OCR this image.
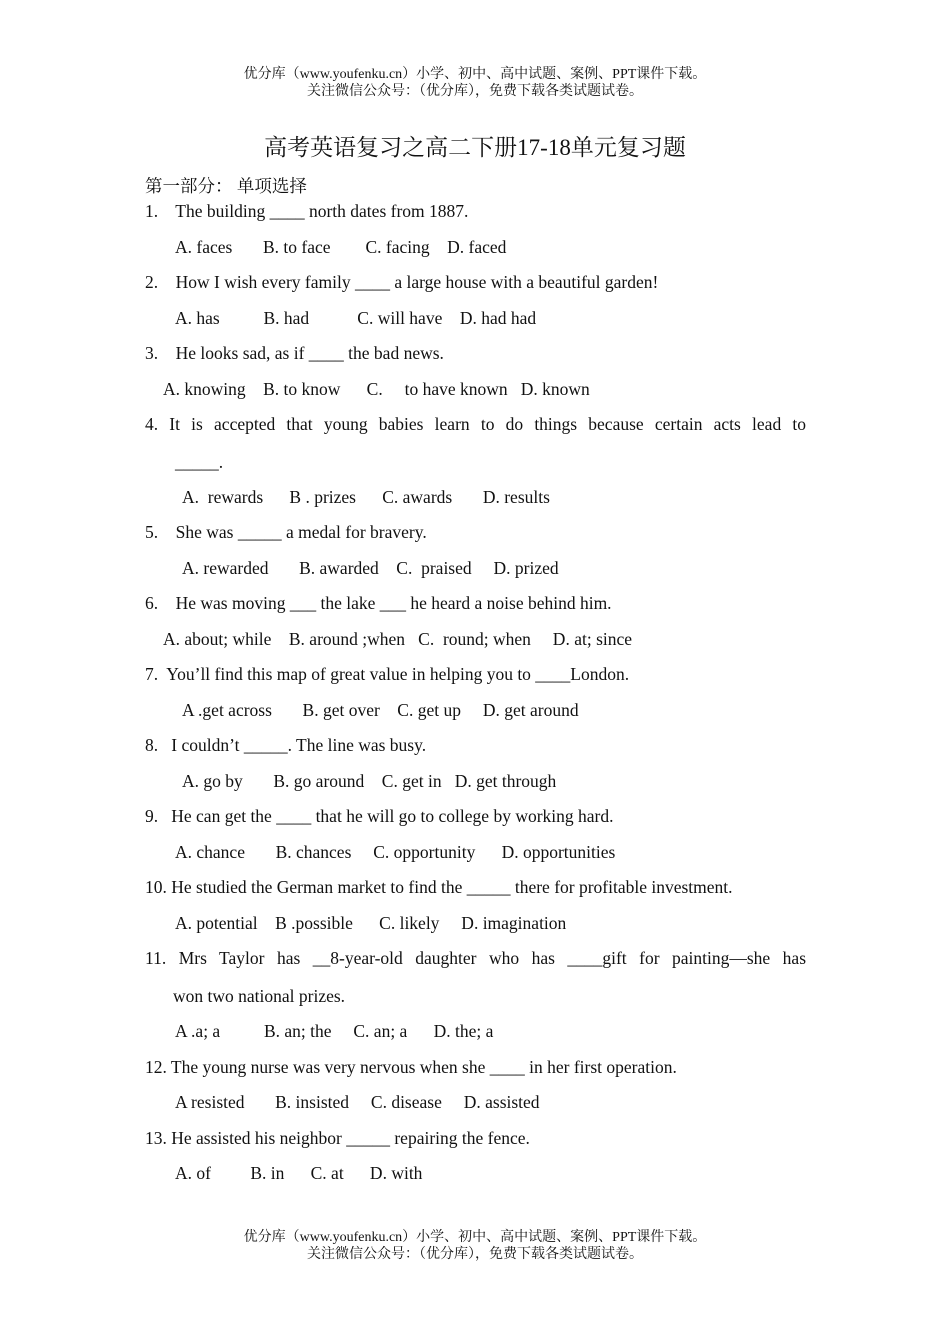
优分库（www.youfenku.cn）小学、初中、高中试题、案例、PPT课件下载。
关注微信公众号：（优分库），免费下载各类试题试卷。
高考英语复习之高二下册17-18单元复习题
第一部分： 单项选择
1.    The building ____ north dates from 1887.
A. faces       B. to face        C. facing    D. faced
2.    How I wish every family ____ a large house with a beautiful garden!
A. has          B. had           C. will have    D. had had
3.    He looks sad, as if ____ the bad news.
A. knowing    B. to know      C.     to have known   D. known
4. It is accepted that young babies learn to do things because certain acts lead to
_____.
A.  rewards      B . prizes      C. awards       D. results
5.    She was _____ a medal for bravery.
A. rewarded       B. awarded    C.  praised     D. prized
6.    He was moving ___ the lake ___ he heard a noise behind him.
A. about; while    B. around ;when   C.  round; when     D. at; since
7.  You’ll find this map of great value in helping you to ____London.
A .get across       B. get over    C. get up     D. get around
8.   I couldn’t _____. The line was busy.
A. go by       B. go around    C. get in   D. get through
9.   He can get the ____ that he will go to college by working hard.
A. chance       B. chances     C. opportunity      D. opportunities
10. He studied the German market to find the _____ there for profitable investment.
A. potential    B .possible      C. likely     D. imagination
11. Mrs Taylor has __8-year-old daughter who has ____gift for painting—she has
won two national prizes.
A .a; a          B. an; the     C. an; a      D. the; a
12. The young nurse was very nervous when she ____ in her first operation.
A resisted       B. insisted     C. disease     D. assisted
13. He assisted his neighbor _____ repairing the fence.
A. of         B. in      C. at      D. with
优分库（www.youfenku.cn）小学、初中、高中试题、案例、PPT课件下载。
关注微信公众号：（优分库），免费下载各类试题试卷。
